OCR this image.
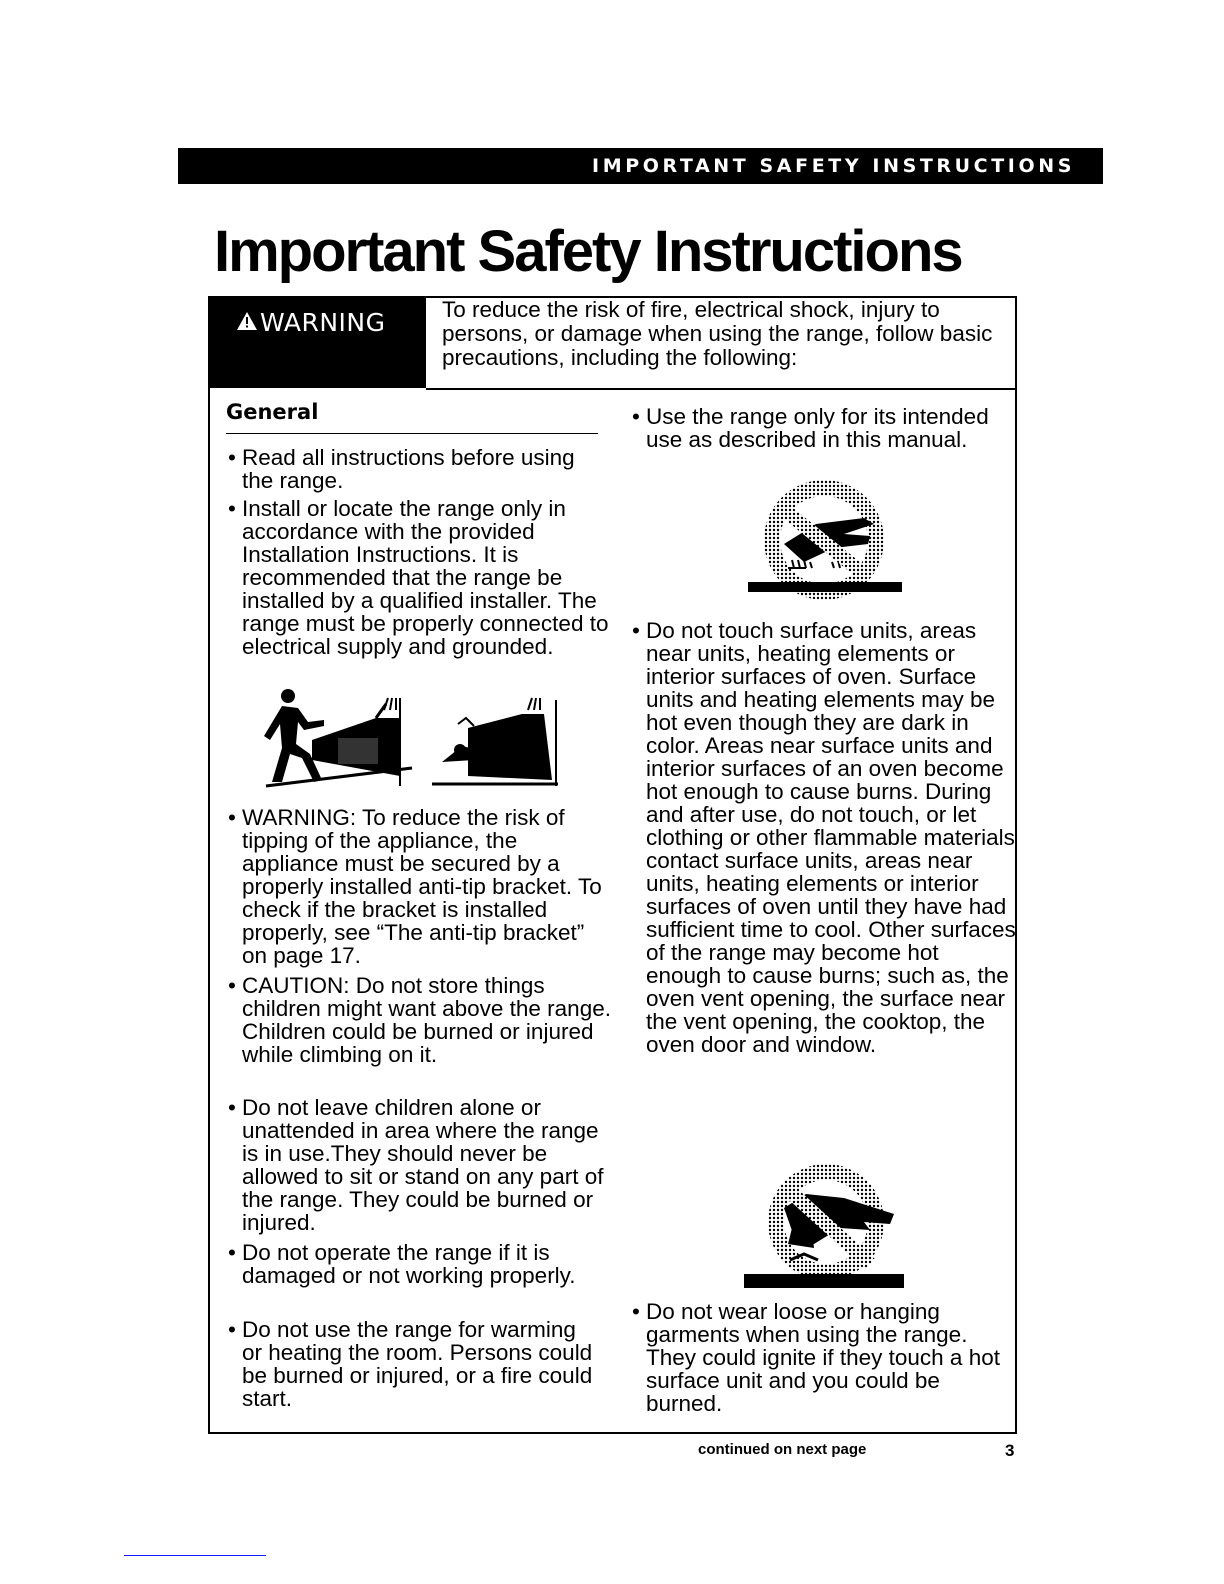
IMPORTANT SAFETY INSTRUCTIONS
Important Safety Instructions
WARNING	To reduce the risk of fire, electrical shock, injury to persons, or damage when using the range, follow basic precautions, including the following:

General

• Read all instructions before using the range.

• Install or locate the range only in accordance with the provided Installation Instructions. It is recommended that the range be installed by a qualified installer. The range must be properly connected to electrical supply and grounded.

• WARNING: To reduce the risk of tipping of the appliance, the appliance must be secured by a properly installed anti-tip bracket. To check if the bracket is installed properly, see “The anti-tip bracket” on page 17.

• CAUTION: Do not store things children might want above the range. Children could be burned or injured while climbing on it.

• Do not leave children alone or unattended in area where the range is in use.They should never be allowed to sit or stand on any part of the range. They could be burned or injured.

• Do not operate the range if it is damaged or not working properly.

• Do not use the range for warming or heating the room. Persons could be burned or injured, or a fire could start.

• Use the range only for its intended use as described in this manual.

• Do not touch surface units, areas near units, heating elements or interior surfaces of oven. Surface units and heating elements may be hot even though they are dark in color. Areas near surface units and interior surfaces of an oven become hot enough to cause burns. During and after use, do not touch, or let clothing or other flammable materials contact surface units, areas near units, heating elements or interior surfaces of oven until they have had sufficient time to cool. Other surfaces of the range may become hot enough to cause burns; such as, the oven vent opening, the surface near the vent opening, the cooktop, the oven door and window.

• Do not wear loose or hanging garments when using the range. They could ignite if they touch a hot surface unit and you could be burned.

continued on next page	3
